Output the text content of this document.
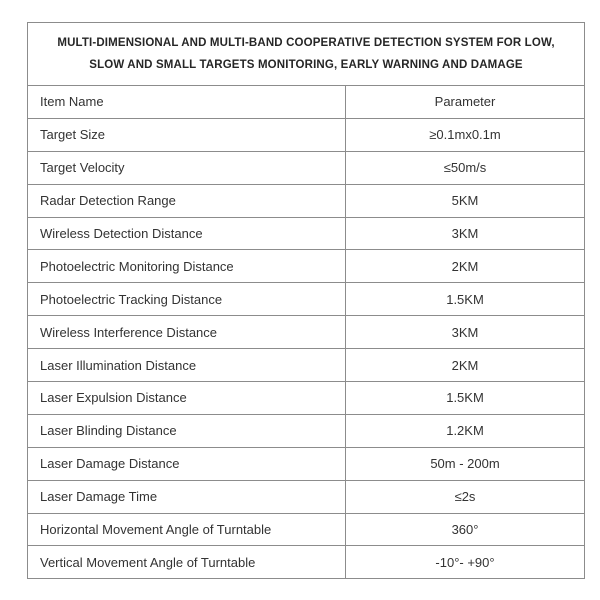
MULTI-DIMENSIONAL AND MULTI-BAND COOPERATIVE DETECTION SYSTEM FOR LOW,
SLOW AND SMALL TARGETS MONITORING, EARLY WARNING AND DAMAGE	

Item Name	Parameter
Target Size	≥0.1mx0.1m
Target Velocity	≤50m/s
Radar Detection Range	5KM
Wireless Detection Distance	3KM
Photoelectric Monitoring Distance	2KM
Photoelectric Tracking Distance	1.5KM
Wireless Interference Distance	3KM
Laser Illumination Distance	2KM
Laser Expulsion Distance	1.5KM
Laser Blinding Distance	1.2KM
Laser Damage Distance	50m - 200m
Laser Damage Time	≤2s
Horizontal Movement Angle of Turntable	360°
Vertical Movement Angle of Turntable	-10°- +90°
